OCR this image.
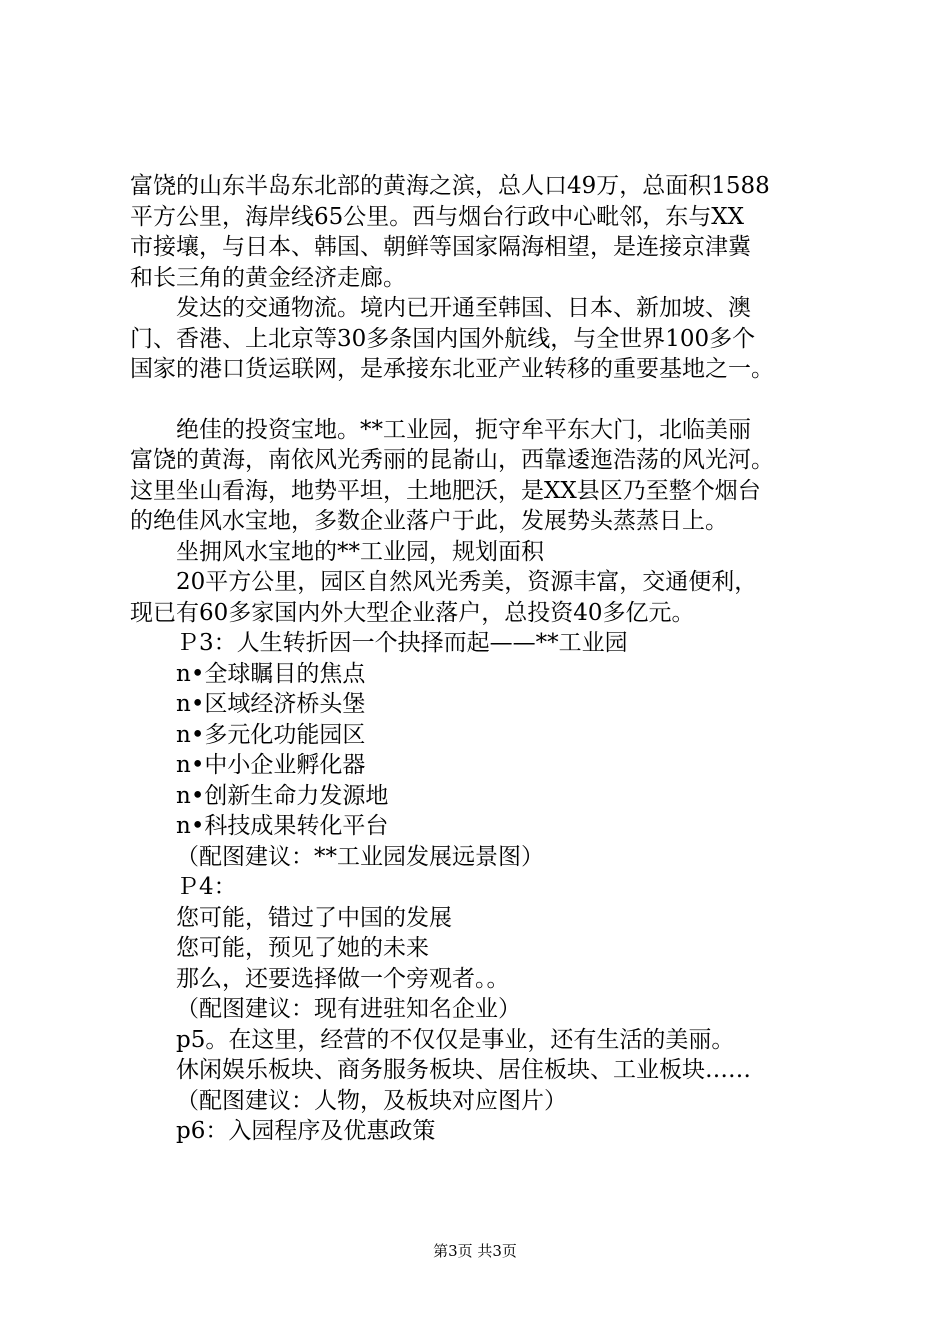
富饶的山东半岛东北部的黄海之滨，总人口49万，总面积1588
平方公里，海岸线65公里。西与烟台行政中心毗邻，东与XX
市接壤，与日本、韩国、朝鲜等国家隔海相望，是连接京津冀
和长三角的黄金经济走廊。
发达的交通物流。境内已开通至韩国、日本、新加坡、澳
门、香港、上北京等30多条国内国外航线，与全世界100多个
国家的港口货运联网，是承接东北亚产业转移的重要基地之一。
绝佳的投资宝地。**工业园，扼守牟平东大门，北临美丽
富饶的黄海，南依风光秀丽的昆嵛山，西靠逶迤浩荡的风光河。
这里坐山看海，地势平坦，土地肥沃，是XX县区乃至整个烟台
的绝佳风水宝地，多数企业落户于此，发展势头蒸蒸日上。
坐拥风水宝地的**工业园，规划面积
20平方公里，园区自然风光秀美，资源丰富，交通便利，
现已有60多家国内外大型企业落户，总投资40多亿元。
Ｐ3：人生转折因一个抉择而起——**工业园
n•全球瞩目的焦点
n•区域经济桥头堡
n•多元化功能园区
n•中小企业孵化器
n•创新生命力发源地
n•科技成果转化平台
（配图建议：**工业园发展远景图）
Ｐ4：
您可能，错过了中国的发展
您可能，预见了她的未来
那么，还要选择做一个旁观者。。
（配图建议：现有进驻知名企业）
p5。在这里，经营的不仅仅是事业，还有生活的美丽。
休闲娱乐板块、商务服务板块、居住板块、工业板块……
（配图建议：人物，及板块对应图片）
p6：入园程序及优惠政策
第3页 共3页
